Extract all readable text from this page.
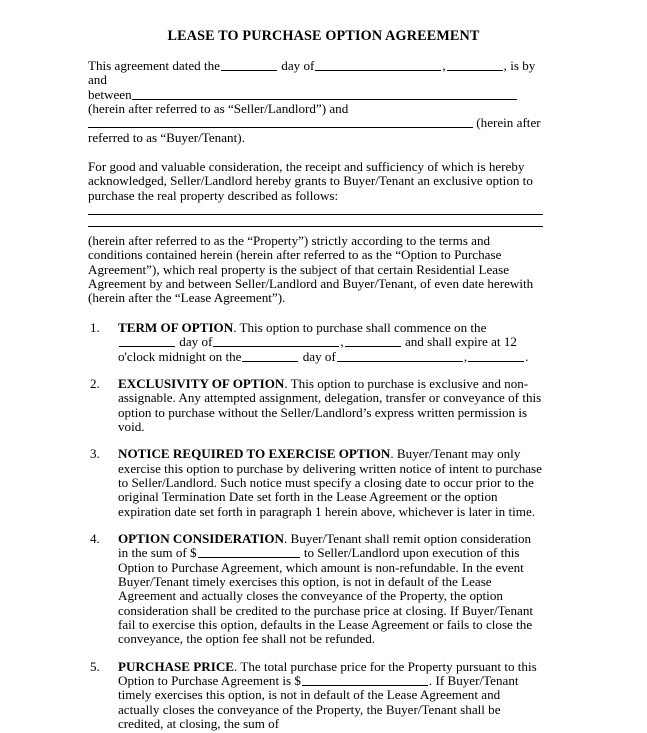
LEASE TO PURCHASE OPTION AGREEMENT

This agreement dated the	day of	,	, is by and

between

(herein after referred to as “Seller/Landlord”) and

(herein after

referred to as “Buyer/Tenant).

For good and valuable consideration, the receipt and sufficiency of which is hereby acknowledged, Seller/Landlord hereby grants to Buyer/Tenant an exclusive option to purchase the real property described as follows:

(herein after referred to as the “Property”) strictly according to the terms and conditions contained herein (herein after referred to as the “Option to Purchase Agreement”), which real property is the subject of that certain Residential Lease Agreement by and between Seller/Landlord and Buyer/Tenant, of even date herewith (herein after the “Lease Agreement”).

1.	TERM OF OPTION. This option to purchase shall commence on the day of	,	and shall expire at 12 o'clock midnight on the	day of	,	.
2.	EXCLUSIVITY OF OPTION. This option to purchase is exclusive and non-assignable. Any attempted assignment, delegation, transfer or conveyance of this option to purchase without the Seller/Landlord’s express written permission is void.
3.	NOTICE REQUIRED TO EXERCISE OPTION. Buyer/Tenant may only exercise this option to purchase by delivering written notice of intent to purchase to Seller/Landlord. Such notice must specify a closing date to occur prior to the original Termination Date set forth in the Lease Agreement or the option expiration date set forth in paragraph 1 herein above, whichever is later in time.
4.	OPTION CONSIDERATION. Buyer/Tenant shall remit option consideration in the sum of $	to Seller/Landlord upon execution of this Option to Purchase Agreement, which amount is non-refundable. In the event Buyer/Tenant timely exercises this option, is not in default of the Lease Agreement and actually closes the conveyance of the Property, the option consideration shall be credited to the purchase price at closing. If Buyer/Tenant fail to exercise this option, defaults in the Lease Agreement or fails to close the conveyance, the option fee shall not be refunded.
5.	PURCHASE PRICE. The total purchase price for the Property pursuant to this Option to Purchase Agreement is $	. If Buyer/Tenant timely exercises this option, is not in default of the Lease Agreement and actually closes the conveyance of the Property, the Buyer/Tenant shall be credited, at closing, the sum of
